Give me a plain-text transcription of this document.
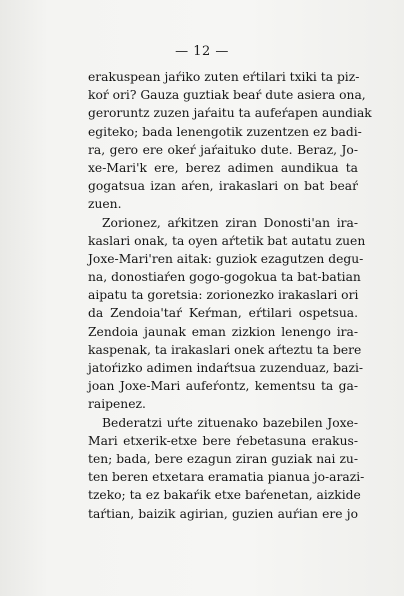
— 12 —
erakuspean jaŕiko zuten eŕtilari txiki ta piz-
koŕ ori? Gauza guztiak beaŕ dute asiera ona,
geroruntz zuzen jaŕaitu ta aufeŕapen aundiak
egiteko; bada lenengotik zuzentzen ez badi-
ra, gero ere okeŕ jaŕaituko dute. Beraz, Jo-
xe-Mari'k ere, berez adimen aundikua ta
gogatsua izan aŕen, irakaslari on bat beaŕ
zuen.
Zorionez, aŕkitzen ziran Donosti'an ira-
kaslari onak, ta oyen aŕtetik bat autatu zuen
Joxe-Mari'ren aitak: guziok ezagutzen degu-
na, donostiaŕen gogo-gogokua ta bat-batian
aipatu ta goretsia: zorionezko irakaslari ori
da Zendoia'taŕ Keŕman, eŕtilari ospetsua.
Zendoia jaunak eman zizkion lenengo ira-
kaspenak, ta irakaslari onek aŕteztu ta bere
jatoŕizko adimen indaŕtsua zuzenduaz, bazi-
joan Joxe-Mari aufeŕontz, kementsu ta ga-
raipenez.
Bederatzi uŕte zituenako bazebilen Joxe-
Mari etxerik-etxe bere ŕebetasuna erakus-
ten; bada, bere ezagun ziran guziak nai zu-
ten beren etxetara eramatia pianua jo-arazi-
tzeko; ta ez bakaŕik etxe baŕenetan, aizkide
taŕtian, baizik agirian, guzien auŕian ere jo
